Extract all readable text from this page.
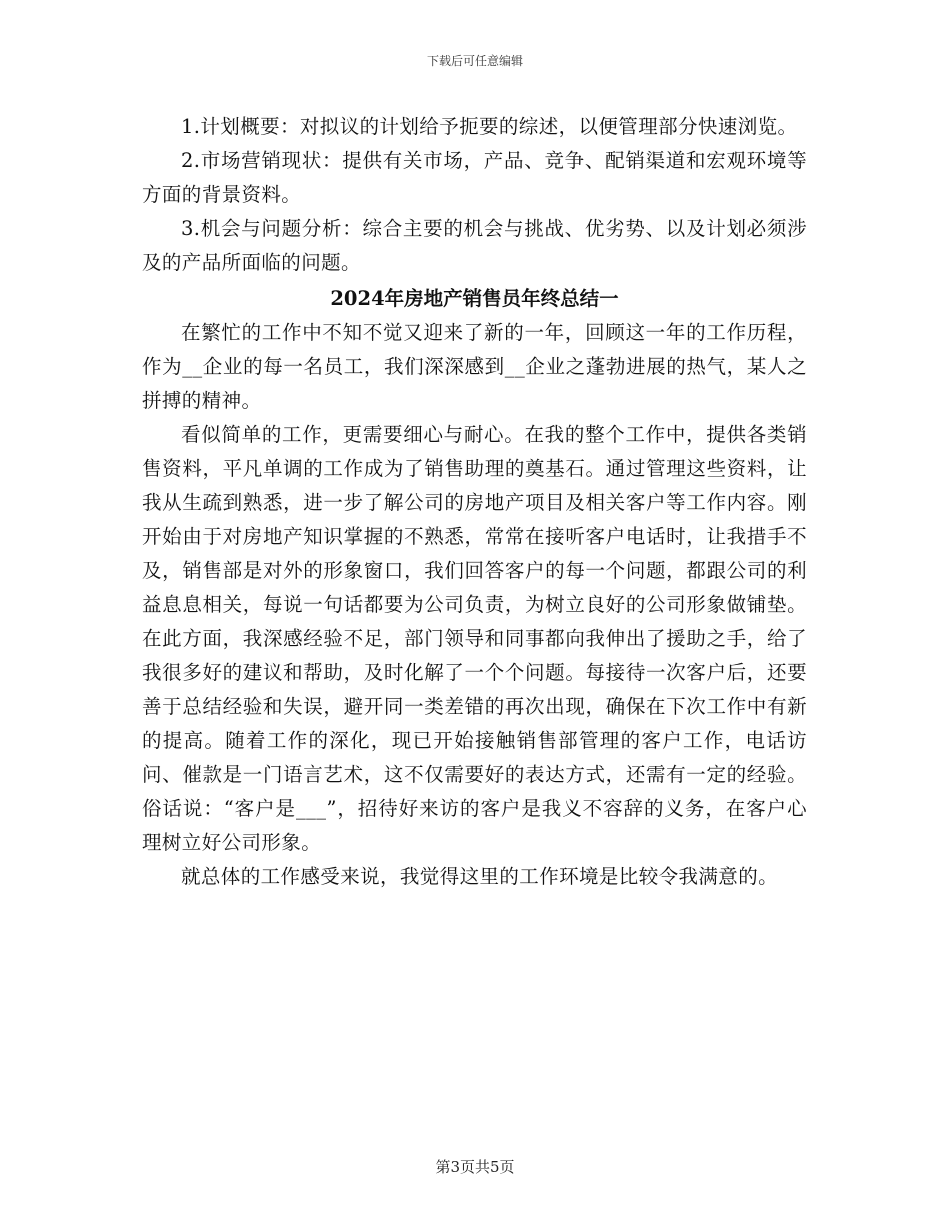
下载后可任意编辑

1.计划概要：对拟议的计划给予扼要的综述，以便管理部分快速浏览。

2.市场营销现状：提供有关市场，产品、竞争、配销渠道和宏观环境等方面的背景资料。

3.机会与问题分析：综合主要的机会与挑战、优劣势、以及计划必须涉及的产品所面临的问题。

2024年房地产销售员年终总结一

在繁忙的工作中不知不觉又迎来了新的一年，回顾这一年的工作历程，作为__企业的每一名员工，我们深深感到__企业之蓬勃进展的热气，某人之拼搏的精神。

看似简单的工作，更需要细心与耐心。在我的整个工作中，提供各类销售资料，平凡单调的工作成为了销售助理的奠基石。通过管理这些资料，让我从生疏到熟悉，进一步了解公司的房地产项目及相关客户等工作内容。刚开始由于对房地产知识掌握的不熟悉，常常在接听客户电话时，让我措手不及，销售部是对外的形象窗口，我们回答客户的每一个问题，都跟公司的利益息息相关，每说一句话都要为公司负责，为树立良好的公司形象做铺垫。在此方面，我深感经验不足，部门领导和同事都向我伸出了援助之手，给了我很多好的建议和帮助，及时化解了一个个问题。每接待一次客户后，还要善于总结经验和失误，避开同一类差错的再次出现，确保在下次工作中有新的提高。随着工作的深化，现已开始接触销售部管理的客户工作，电话访问、催款是一门语言艺术，这不仅需要好的表达方式，还需有一定的经验。俗话说：“客户是___”，招待好来访的客户是我义不容辞的义务，在客户心理树立好公司形象。

就总体的工作感受来说，我觉得这里的工作环境是比较令我满意的。

第3页共5页
